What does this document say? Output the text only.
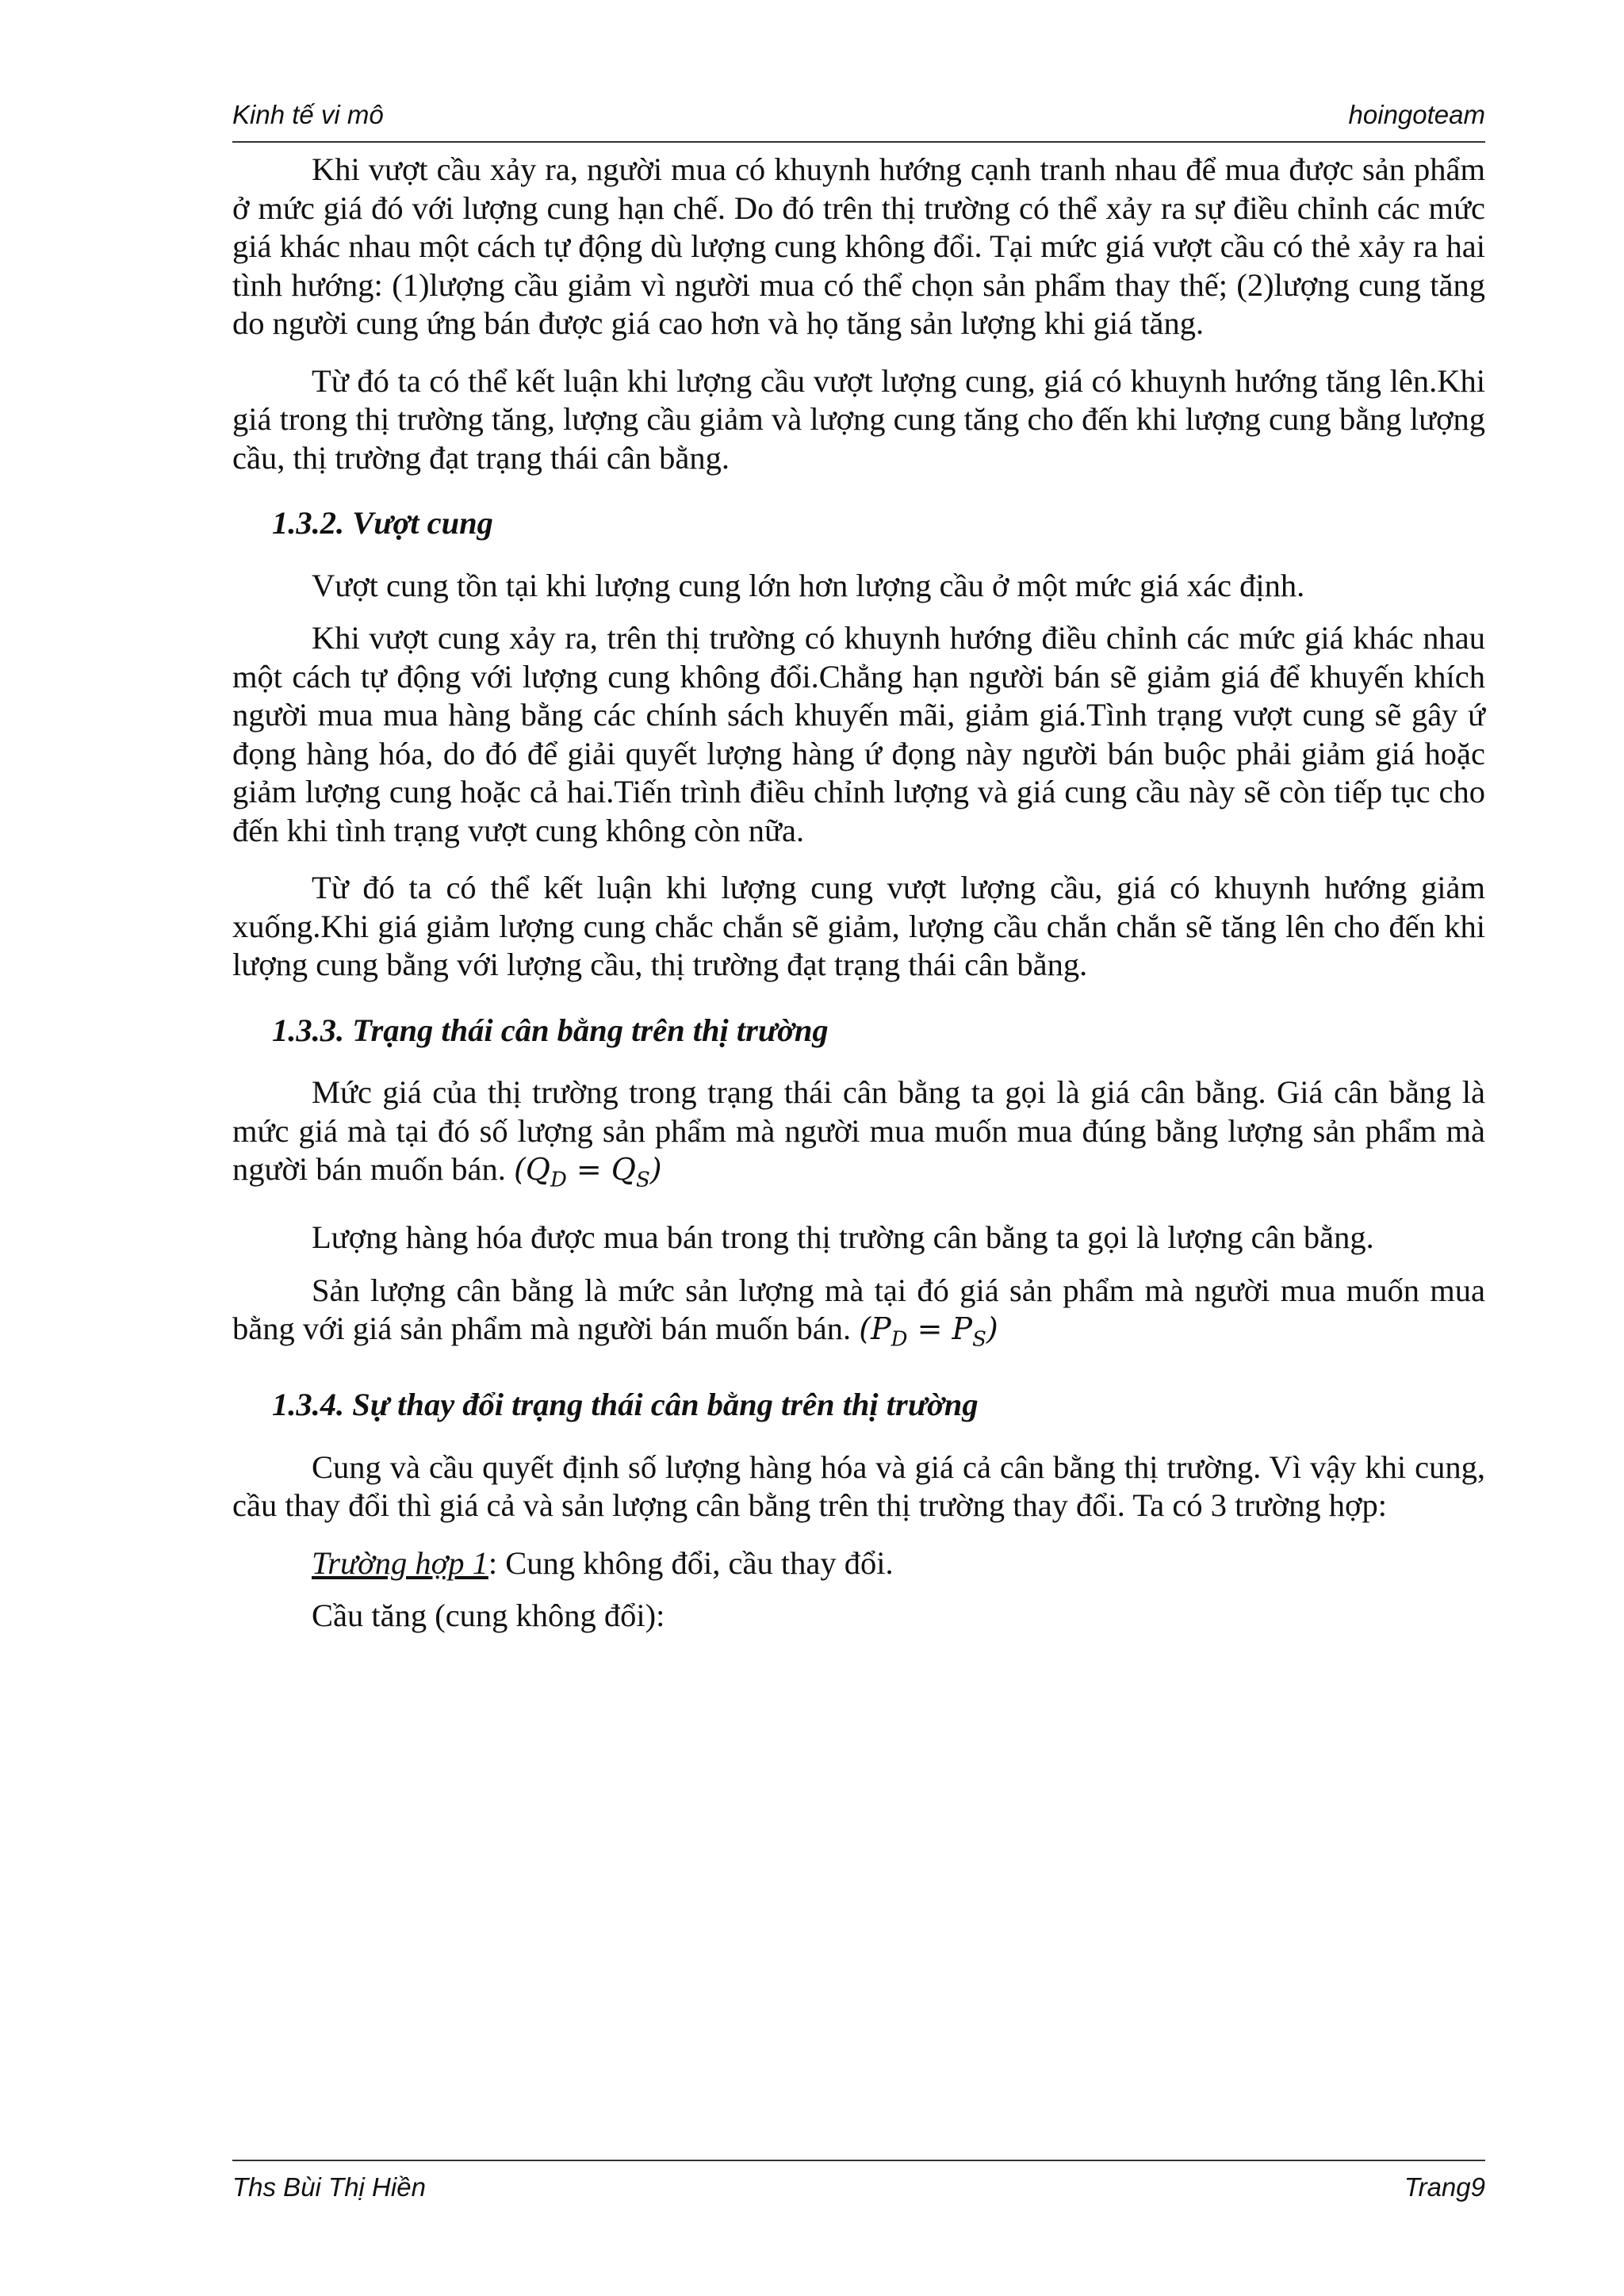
Kinh tế vi mô	hoingoteam

Khi vượt cầu xảy ra, người mua có khuynh hướng cạnh tranh nhau để mua được sản phẩm ở mức giá đó với lượng cung hạn chế. Do đó trên thị trường có thể xảy ra sự điều chỉnh các mức giá khác nhau một cách tự động dù lượng cung không đổi. Tại mức giá vượt cầu có thẻ xảy ra hai tình hướng: (1)lượng cầu giảm vì người mua có thể chọn sản phẩm thay thế; (2)lượng cung tăng do người cung ứng bán được giá cao hơn và họ tăng sản lượng khi giá tăng.

Từ đó ta có thể kết luận khi lượng cầu vượt lượng cung, giá có khuynh hướng tăng lên.Khi giá trong thị trường tăng, lượng cầu giảm và lượng cung tăng cho đến khi lượng cung bằng lượng cầu, thị trường đạt trạng thái cân bằng.

1.3.2. Vượt cung

Vượt cung tồn tại khi lượng cung lớn hơn lượng cầu ở một mức giá xác định.

Khi vượt cung xảy ra, trên thị trường có khuynh hướng điều chỉnh các mức giá khác nhau một cách tự động với lượng cung không đổi.Chẳng hạn người bán sẽ giảm giá để khuyến khích người mua mua hàng bằng các chính sách khuyến mãi, giảm giá.Tình trạng vượt cung sẽ gây ứ đọng hàng hóa, do đó để giải quyết lượng hàng ứ đọng này người bán buộc phải giảm giá hoặc giảm lượng cung hoặc cả hai.Tiến trình điều chỉnh lượng và giá cung cầu này sẽ còn tiếp tục cho đến khi tình trạng vượt cung không còn nữa.

Từ đó ta có thể kết luận khi lượng cung vượt lượng cầu, giá có khuynh hướng giảm xuống.Khi giá giảm lượng cung chắc chắn sẽ giảm, lượng cầu chắn chắn sẽ tăng lên cho đến khi lượng cung bằng với lượng cầu, thị trường đạt trạng thái cân bằng.

1.3.3. Trạng thái cân bằng trên thị trường

Mức giá của thị trường trong trạng thái cân bằng ta gọi là giá cân bằng. Giá cân bằng là mức giá mà tại đó số lượng sản phẩm mà người mua muốn mua đúng bằng lượng sản phẩm mà người bán muốn bán. $(Q_D = Q_S)$

Lượng hàng hóa được mua bán trong thị trường cân bằng ta gọi là lượng cân bằng.

Sản lượng cân bằng là mức sản lượng mà tại đó giá sản phẩm mà người mua muốn mua bằng với giá sản phẩm mà người bán muốn bán. $(P_D = P_S)$

1.3.4. Sự thay đổi trạng thái cân bằng trên thị trường

Cung và cầu quyết định số lượng hàng hóa và giá cả cân bằng thị trường. Vì vậy khi cung, cầu thay đổi thì giá cả và sản lượng cân bằng trên thị trường thay đổi. Ta có 3 trường hợp:

Trường hợp 1: Cung không đổi, cầu thay đổi.

Cầu tăng (cung không đổi):

Ths Bùi Thị Hiền	Trang9
